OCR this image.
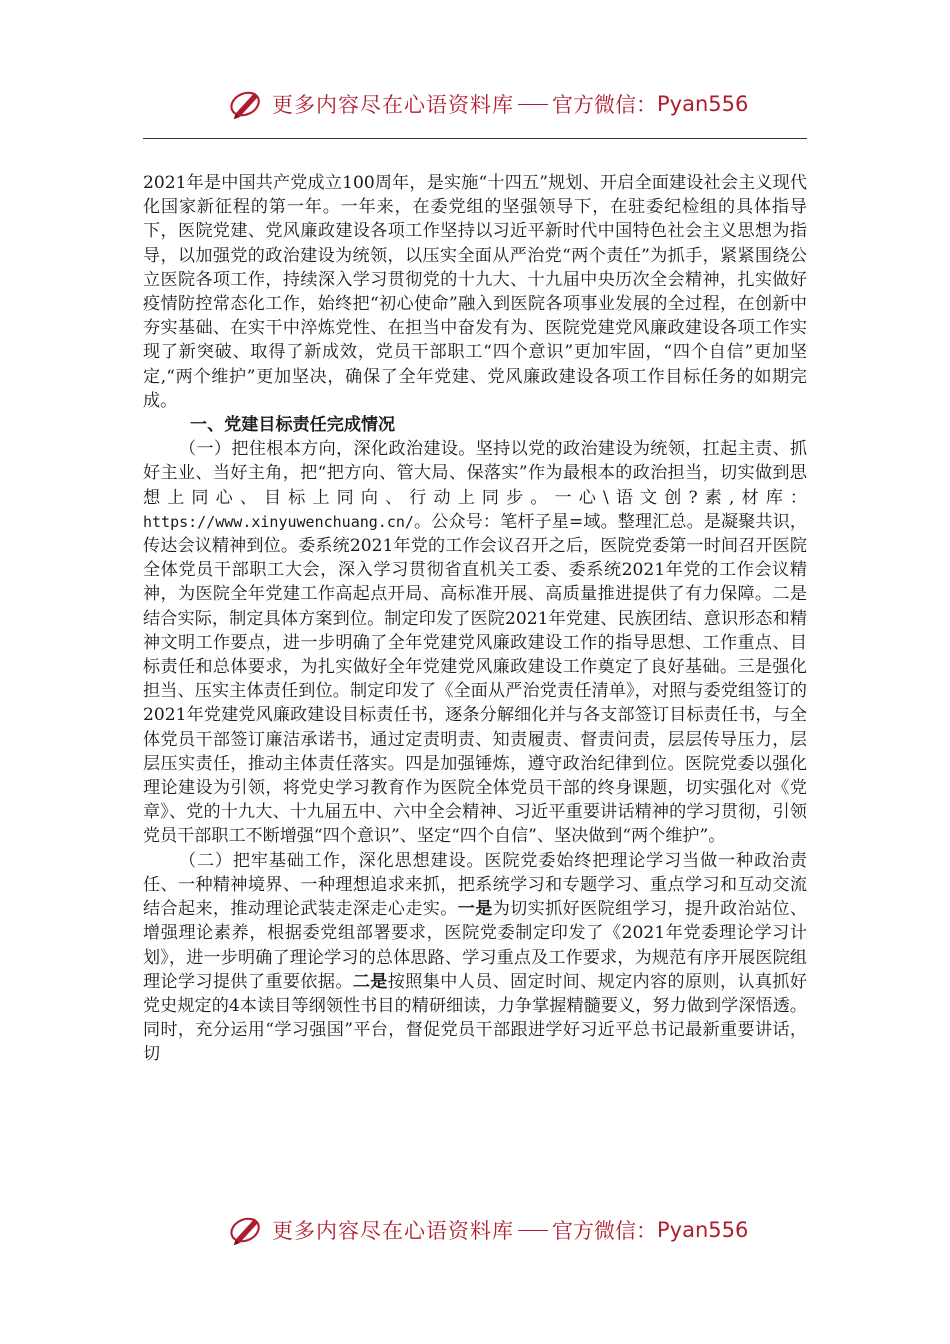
更多内容尽在心语资料库 官方微信： Pyan556

2021年是中国共产党成立100周年，是实施“十四五”规划、开启全面建设社会主义现代化国家新征程的第一年。一年来，在委党组的坚强领导下，在驻委纪检组的具体指导下，医院党建、党风廉政建设各项工作坚持以习近平新时代中国特色社会主义思想为指导，以加强党的政治建设为统领，以压实全面从严治党“两个责任”为抓手，紧紧围绕公立医院各项工作，持续深入学习贯彻党的十九大、十九届中央历次全会精神，扎实做好疫情防控常态化工作，始终把“初心使命”融入到医院各项事业发展的全过程，在创新中夯实基础、在实干中淬炼党性、在担当中奋发有为、医院党建党风廉政建设各项工作实现了新突破、取得了新成效，党员干部职工“四个意识”更加牢固，“四个自信”更加坚定,“两个维护”更加坚决，确保了全年党建、党风廉政建设各项工作目标任务的如期完成。

一、党建目标责任完成情况

（一）把住根本方向，深化政治建设。坚持以党的政治建设为统领，扛起主责、抓好主业、当好主角，把“把方向、管大局、保落实”作为最根本的政治担当，切实做到思想上同心、目标上同向、行动上同步。一心\语文创?素,材库：https://www.xinyuwenchuang.cn/。公众号：笔杆子星=域。整理汇总。是凝聚共识，传达会议精神到位。委系统2021年党的工作会议召开之后，医院党委第一时间召开医院全体党员干部职工大会，深入学习贯彻省直机关工委、委系统2021年党的工作会议精神，为医院全年党建工作高起点开局、高标准开展、高质量推进提供了有力保障。二是结合实际，制定具体方案到位。制定印发了医院2021年党建、民族团结、意识形态和精神文明工作要点，进一步明确了全年党建党风廉政建设工作的指导思想、工作重点、目标责任和总体要求，为扎实做好全年党建党风廉政建设工作奠定了良好基础。三是强化担当、压实主体责任到位。制定印发了《全面从严治党责任清单》，对照与委党组签订的2021年党建党风廉政建设目标责任书，逐条分解细化并与各支部签订目标责任书，与全体党员干部签订廉洁承诺书，通过定责明责、知责履责、督责问责，层层传导压力，层层压实责任，推动主体责任落实。四是加强锤炼，遵守政治纪律到位。医院党委以强化理论建设为引领，将党史学习教育作为医院全体党员干部的终身课题，切实强化对《党章》、党的十九大、十九届五中、六中全会精神、习近平重要讲话精神的学习贯彻，引领党员干部职工不断增强“四个意识”、坚定“四个自信”、坚决做到“两个维护”。

（二）把牢基础工作，深化思想建设。医院党委始终把理论学习当做一种政治责任、一种精神境界、一种理想追求来抓，把系统学习和专题学习、重点学习和互动交流结合起来，推动理论武装走深走心走实。一是为切实抓好医院组学习，提升政治站位、增强理论素养，根据委党组部署要求，医院党委制定印发了《2021年党委理论学习计划》，进一步明确了理论学习的总体思路、学习重点及工作要求，为规范有序开展医院组理论学习提供了重要依据。二是按照集中人员、固定时间、规定内容的原则，认真抓好党史规定的4本读目等纲领性书目的精研细读，力争掌握精髓要义，努力做到学深悟透。同时，充分运用“学习强国”平台，督促党员干部跟进学好习近平总书记最新重要讲话，切

更多内容尽在心语资料库 官方微信： Pyan556
